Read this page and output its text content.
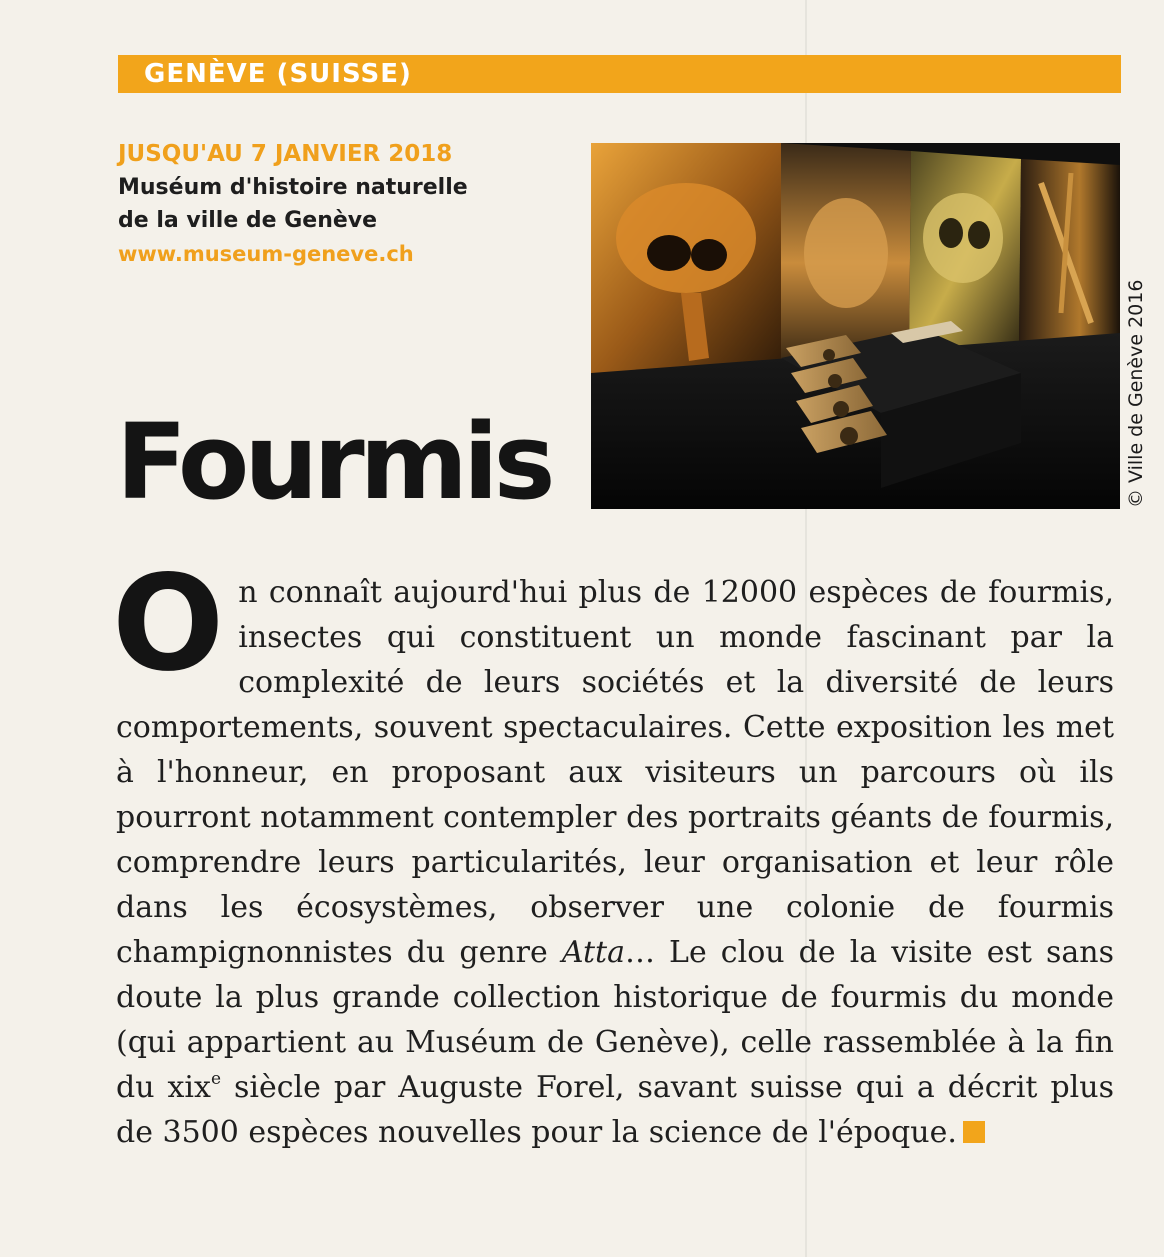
GENÈVE (SUISSE)

JUSQU'AU 7 JANVIER 2018

Muséum d'histoire naturelle

de la ville de Genève

www.museum-geneve.ch

© Ville de Genève 2016
Fourmis

On connaît aujourd'hui plus de 12000 espèces de fourmis, insectes qui constituent un monde fascinant par la complexité de leurs sociétés et la diversité de leurs comportements, souvent spectaculaires. Cette exposition les met à l'honneur, en proposant aux visiteurs un parcours où ils pourront notamment contempler des portraits géants de fourmis, comprendre leurs particularités, leur organisation et leur rôle dans les écosystèmes, observer une colonie de fourmis champignonnistes du genre Atta… Le clou de la visite est sans doute la plus grande collection historique de fourmis du monde (qui appartient au Muséum de Genève), celle rassemblée à la fin du xix$^e$ siècle par Auguste Forel, savant suisse qui a décrit plus de 3500 espèces nouvelles pour la science de l'époque.
